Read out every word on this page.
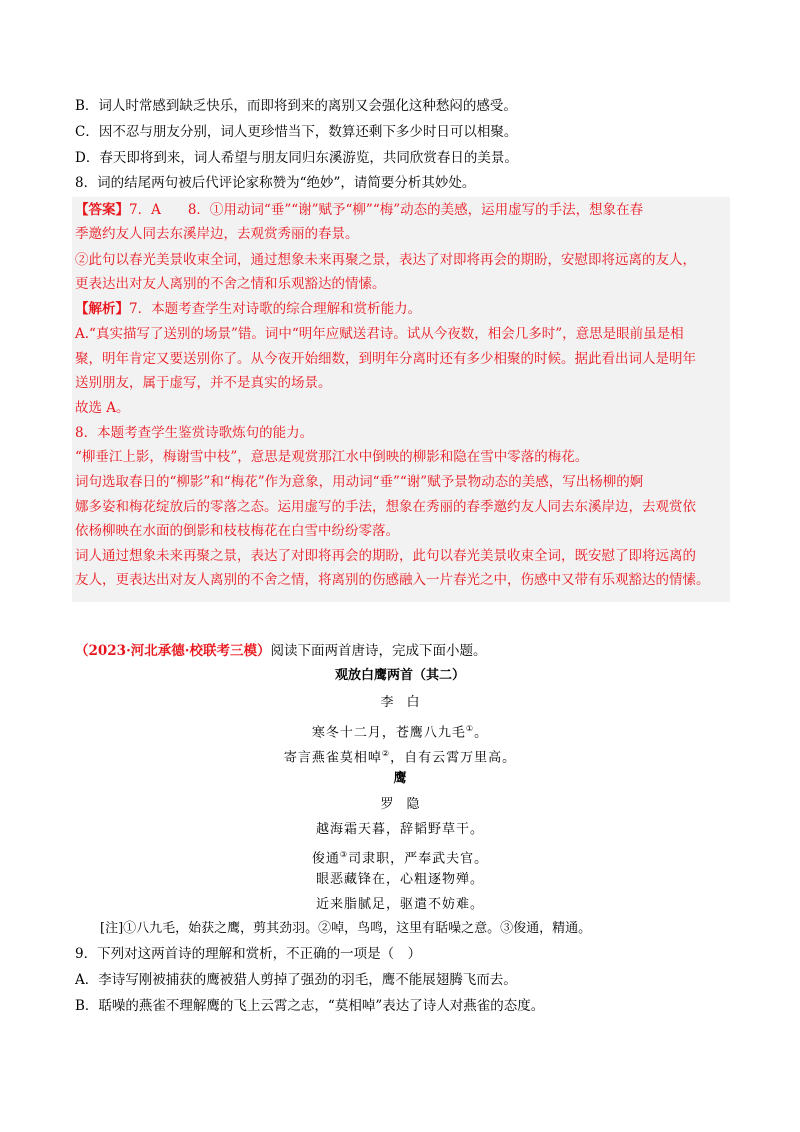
B．词人时常感到缺乏快乐，而即将到来的离别又会强化这种愁闷的感受。
C．因不忍与朋友分别，词人更珍惜当下，数算还剩下多少时日可以相聚。
D．春天即将到来，词人希望与朋友同归东溪游览，共同欣赏春日的美景。
8．词的结尾两句被后代评论家称赞为“绝妙”，请简要分析其妙处。
【答案】7．A　　8．①用动词“垂”“谢”赋予“柳”“梅”动态的美感，运用虚写的手法，想象在春
季邀约友人同去东溪岸边，去观赏秀丽的春景。
②此句以春光美景收束全词，通过想象未来再聚之景，表达了对即将再会的期盼，安慰即将远离的友人，
更表达出对友人离别的不舍之情和乐观豁达的情愫。
【解析】7．本题考查学生对诗歌的综合理解和赏析能力。
A.“真实描写了送别的场景”错。词中“明年应赋送君诗。试从今夜数，相会几多时”，意思是眼前虽是相
聚，明年肯定又要送别你了。从今夜开始细数，到明年分离时还有多少相聚的时候。据此看出词人是明年
送别朋友，属于虚写，并不是真实的场景。
故选 A。
8．本题考查学生鉴赏诗歌炼句的能力。
“柳垂江上影，梅谢雪中枝”，意思是观赏那江水中倒映的柳影和隐在雪中零落的梅花。
词句选取春日的“柳影”和“梅花”作为意象，用动词“垂”“谢”赋予景物动态的美感，写出杨柳的婀
娜多姿和梅花绽放后的零落之态。运用虚写的手法，想象在秀丽的春季邀约友人同去东溪岸边，去观赏依
依杨柳映在水面的倒影和枝枝梅花在白雪中纷纷零落。
词人通过想象未来再聚之景，表达了对即将再会的期盼，此句以春光美景收束全词，既安慰了即将远离的
友人，更表达出对友人离别的不舍之情，将离别的伤感融入一片春光之中，伤感中又带有乐观豁达的情愫。
（2023·河北承德·校联考三模）阅读下面两首唐诗，完成下面小题。
观放白鹰两首（其二）
李　白
寒冬十二月，苍鹰八九毛①。
寄言燕雀莫相啅②，自有云霄万里高。
鹰
罗　隐
越海霜天暮，辞韬野草干。
俊通③司隶职，严奉武夫官。
眼恶藏锋在，心粗逐物殚。
近来脂腻足，驱遣不妨难。
[注]①八九毛，始获之鹰，剪其劲羽。②啅，鸟鸣，这里有聒噪之意。③俊通，精通。
9．下列对这两首诗的理解和赏析，不正确的一项是（　）
A．李诗写刚被捕获的鹰被猎人剪掉了强劲的羽毛，鹰不能展翅腾飞而去。
B．聒噪的燕雀不理解鹰的飞上云霄之志，“莫相啅”表达了诗人对燕雀的态度。
